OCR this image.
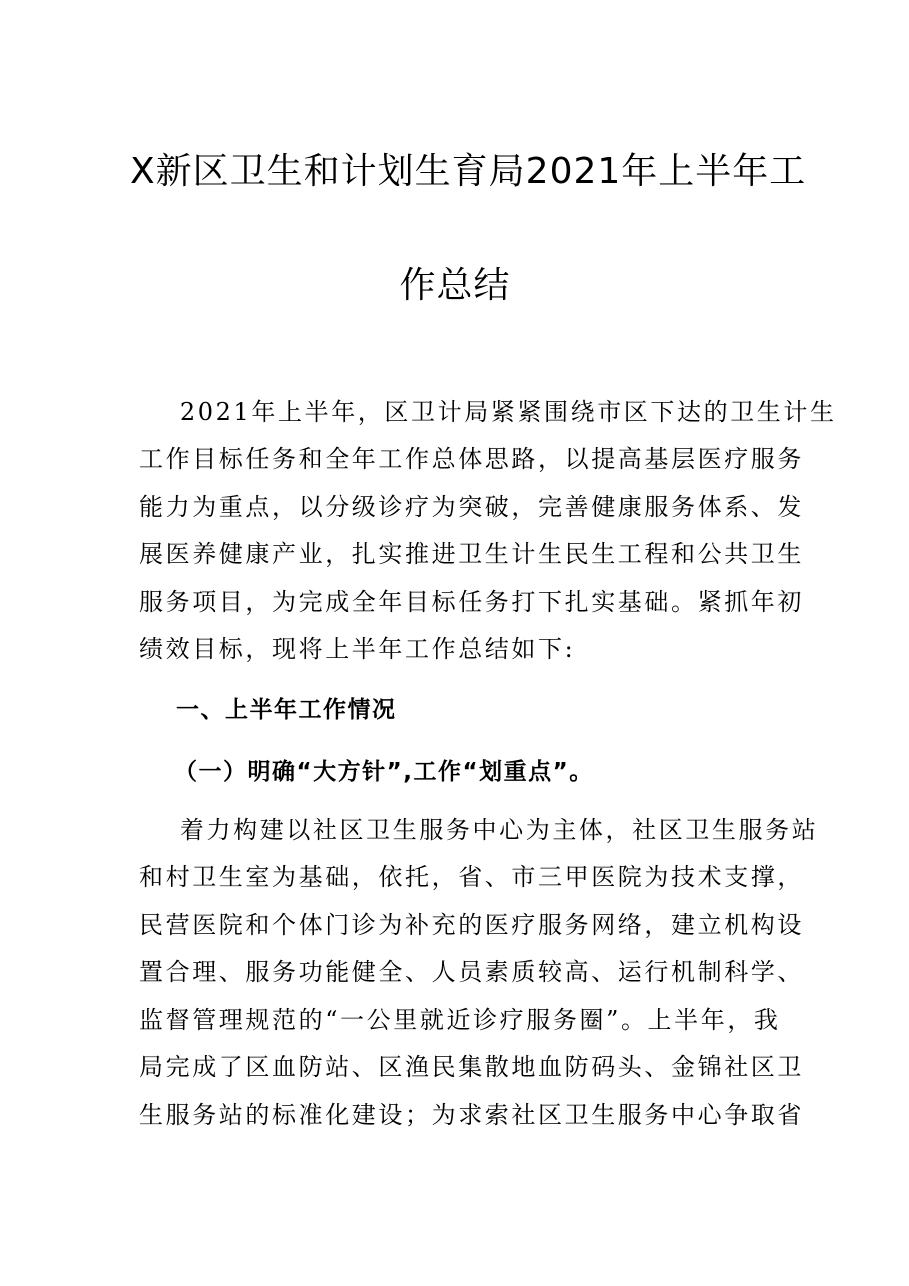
X新区卫生和计划生育局2021年上半年工
作总结
2021年上半年，区卫计局紧紧围绕市区下达的卫生计生
工作目标任务和全年工作总体思路，以提高基层医疗服务
能力为重点，以分级诊疗为突破，完善健康服务体系、发
展医养健康产业，扎实推进卫生计生民生工程和公共卫生
服务项目，为完成全年目标任务打下扎实基础。紧抓年初
绩效目标，现将上半年工作总结如下:
一、上半年工作情况
（一）明确“大方针”,工作“划重点”。
着力构建以社区卫生服务中心为主体，社区卫生服务站
和村卫生室为基础，依托，省、市三甲医院为技术支撑，
民营医院和个体门诊为补充的医疗服务网络，建立机构设
置合理、服务功能健全、人员素质较高、运行机制科学、
监督管理规范的“一公里就近诊疗服务圈”。上半年，我
局完成了区血防站、区渔民集散地血防码头、金锦社区卫
生服务站的标准化建设；为求索社区卫生服务中心争取省
